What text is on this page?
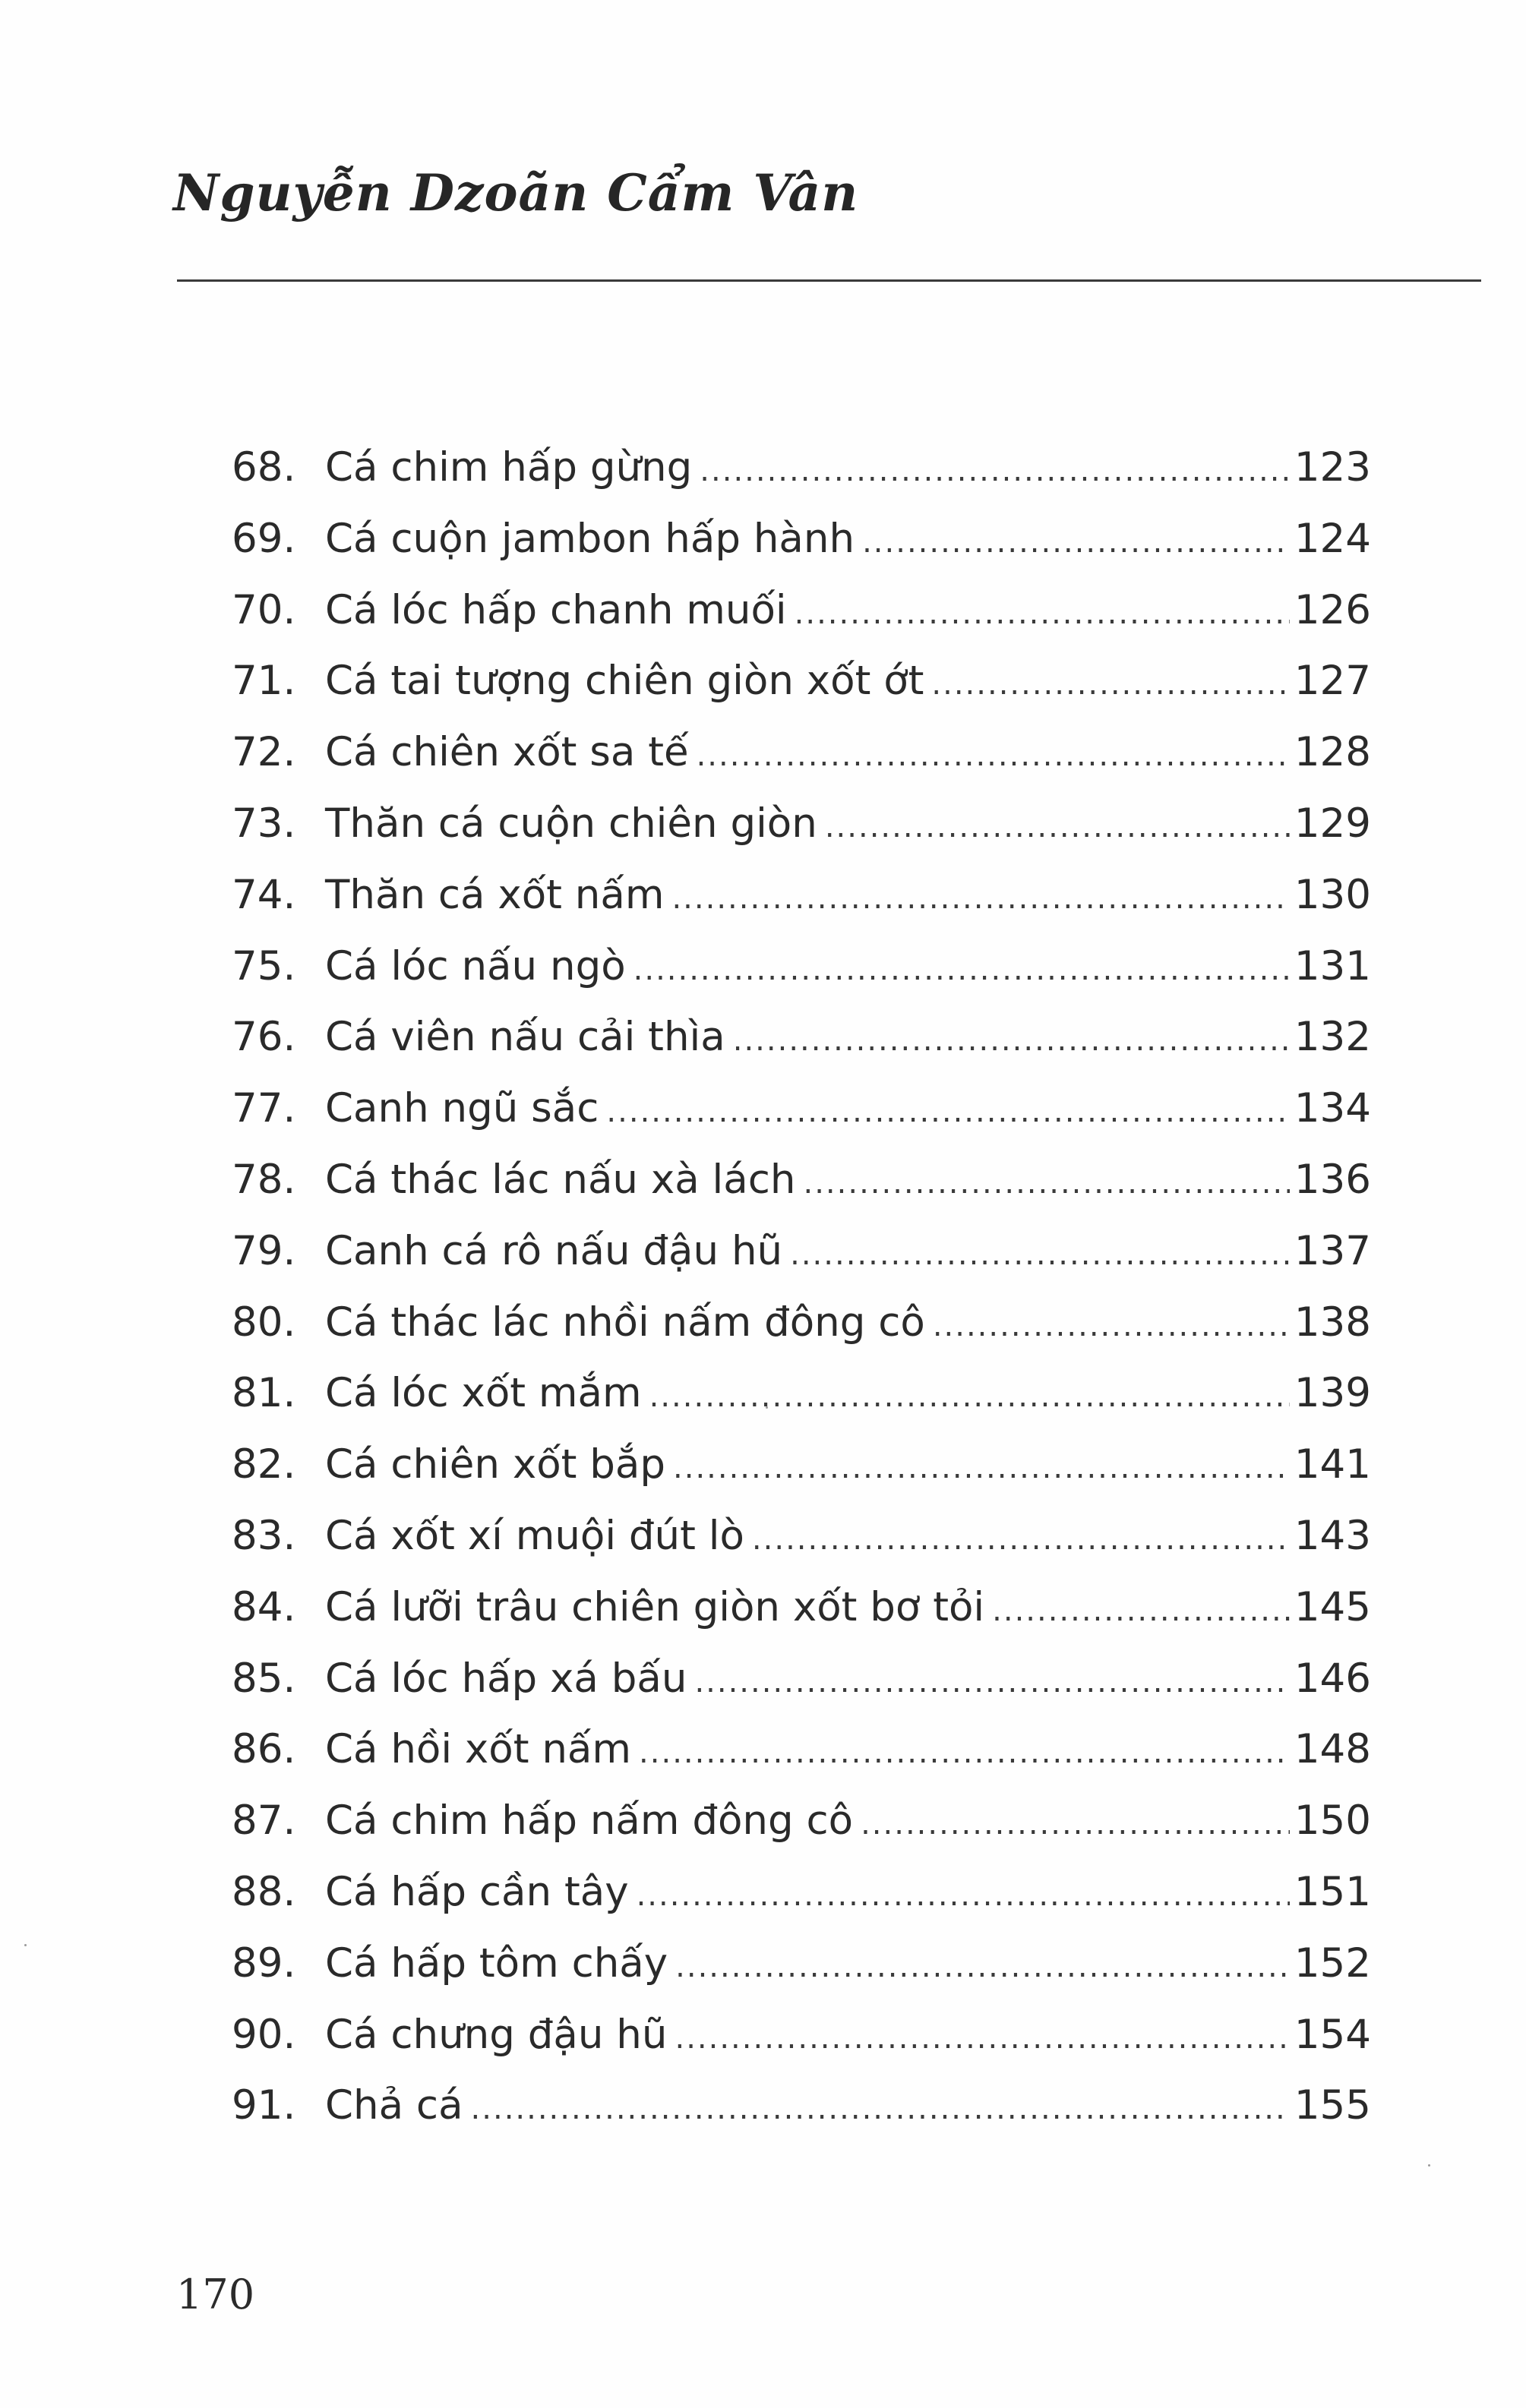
Nguyễn Dzoãn Cẩm Vân
68. Cá chim hấp gừng .....	123
69. Cá cuộn jambon hấp hành .....	124
70. Cá lóc hấp chanh muối .....	126
71. Cá tai tượng chiên giòn xốt ớt .....	127
72. Cá chiên xốt sa tế .....	128
73. Thăn cá cuộn chiên giòn .....	129
74. Thăn cá xốt nấm .....	130
75. Cá lóc nấu ngò .....	131
76. Cá viên nấu cải thìa .....	132
77. Canh ngũ sắc .....	134
78. Cá thác lác nấu xà lách .....	136
79. Canh cá rô nấu đậu hũ .....	137
80. Cá thác lác nhồi nấm đông cô .....	138
81. Cá lóc xốt mắm .....	139
82. Cá chiên xốt bắp .....	141
83. Cá xốt xí muội đút lò .....	143
84. Cá lưỡi trâu chiên giòn xốt bơ tỏi .....	145
85. Cá lóc hấp xá bấu .....	146
86. Cá hồi xốt nấm .....	148
87. Cá chim hấp nấm đông cô .....	150
88. Cá hấp cần tây .....	151
89. Cá hấp tôm chấy .....	152
90. Cá chưng đậu hũ .....	154
91. Chả cá .....	155
170
